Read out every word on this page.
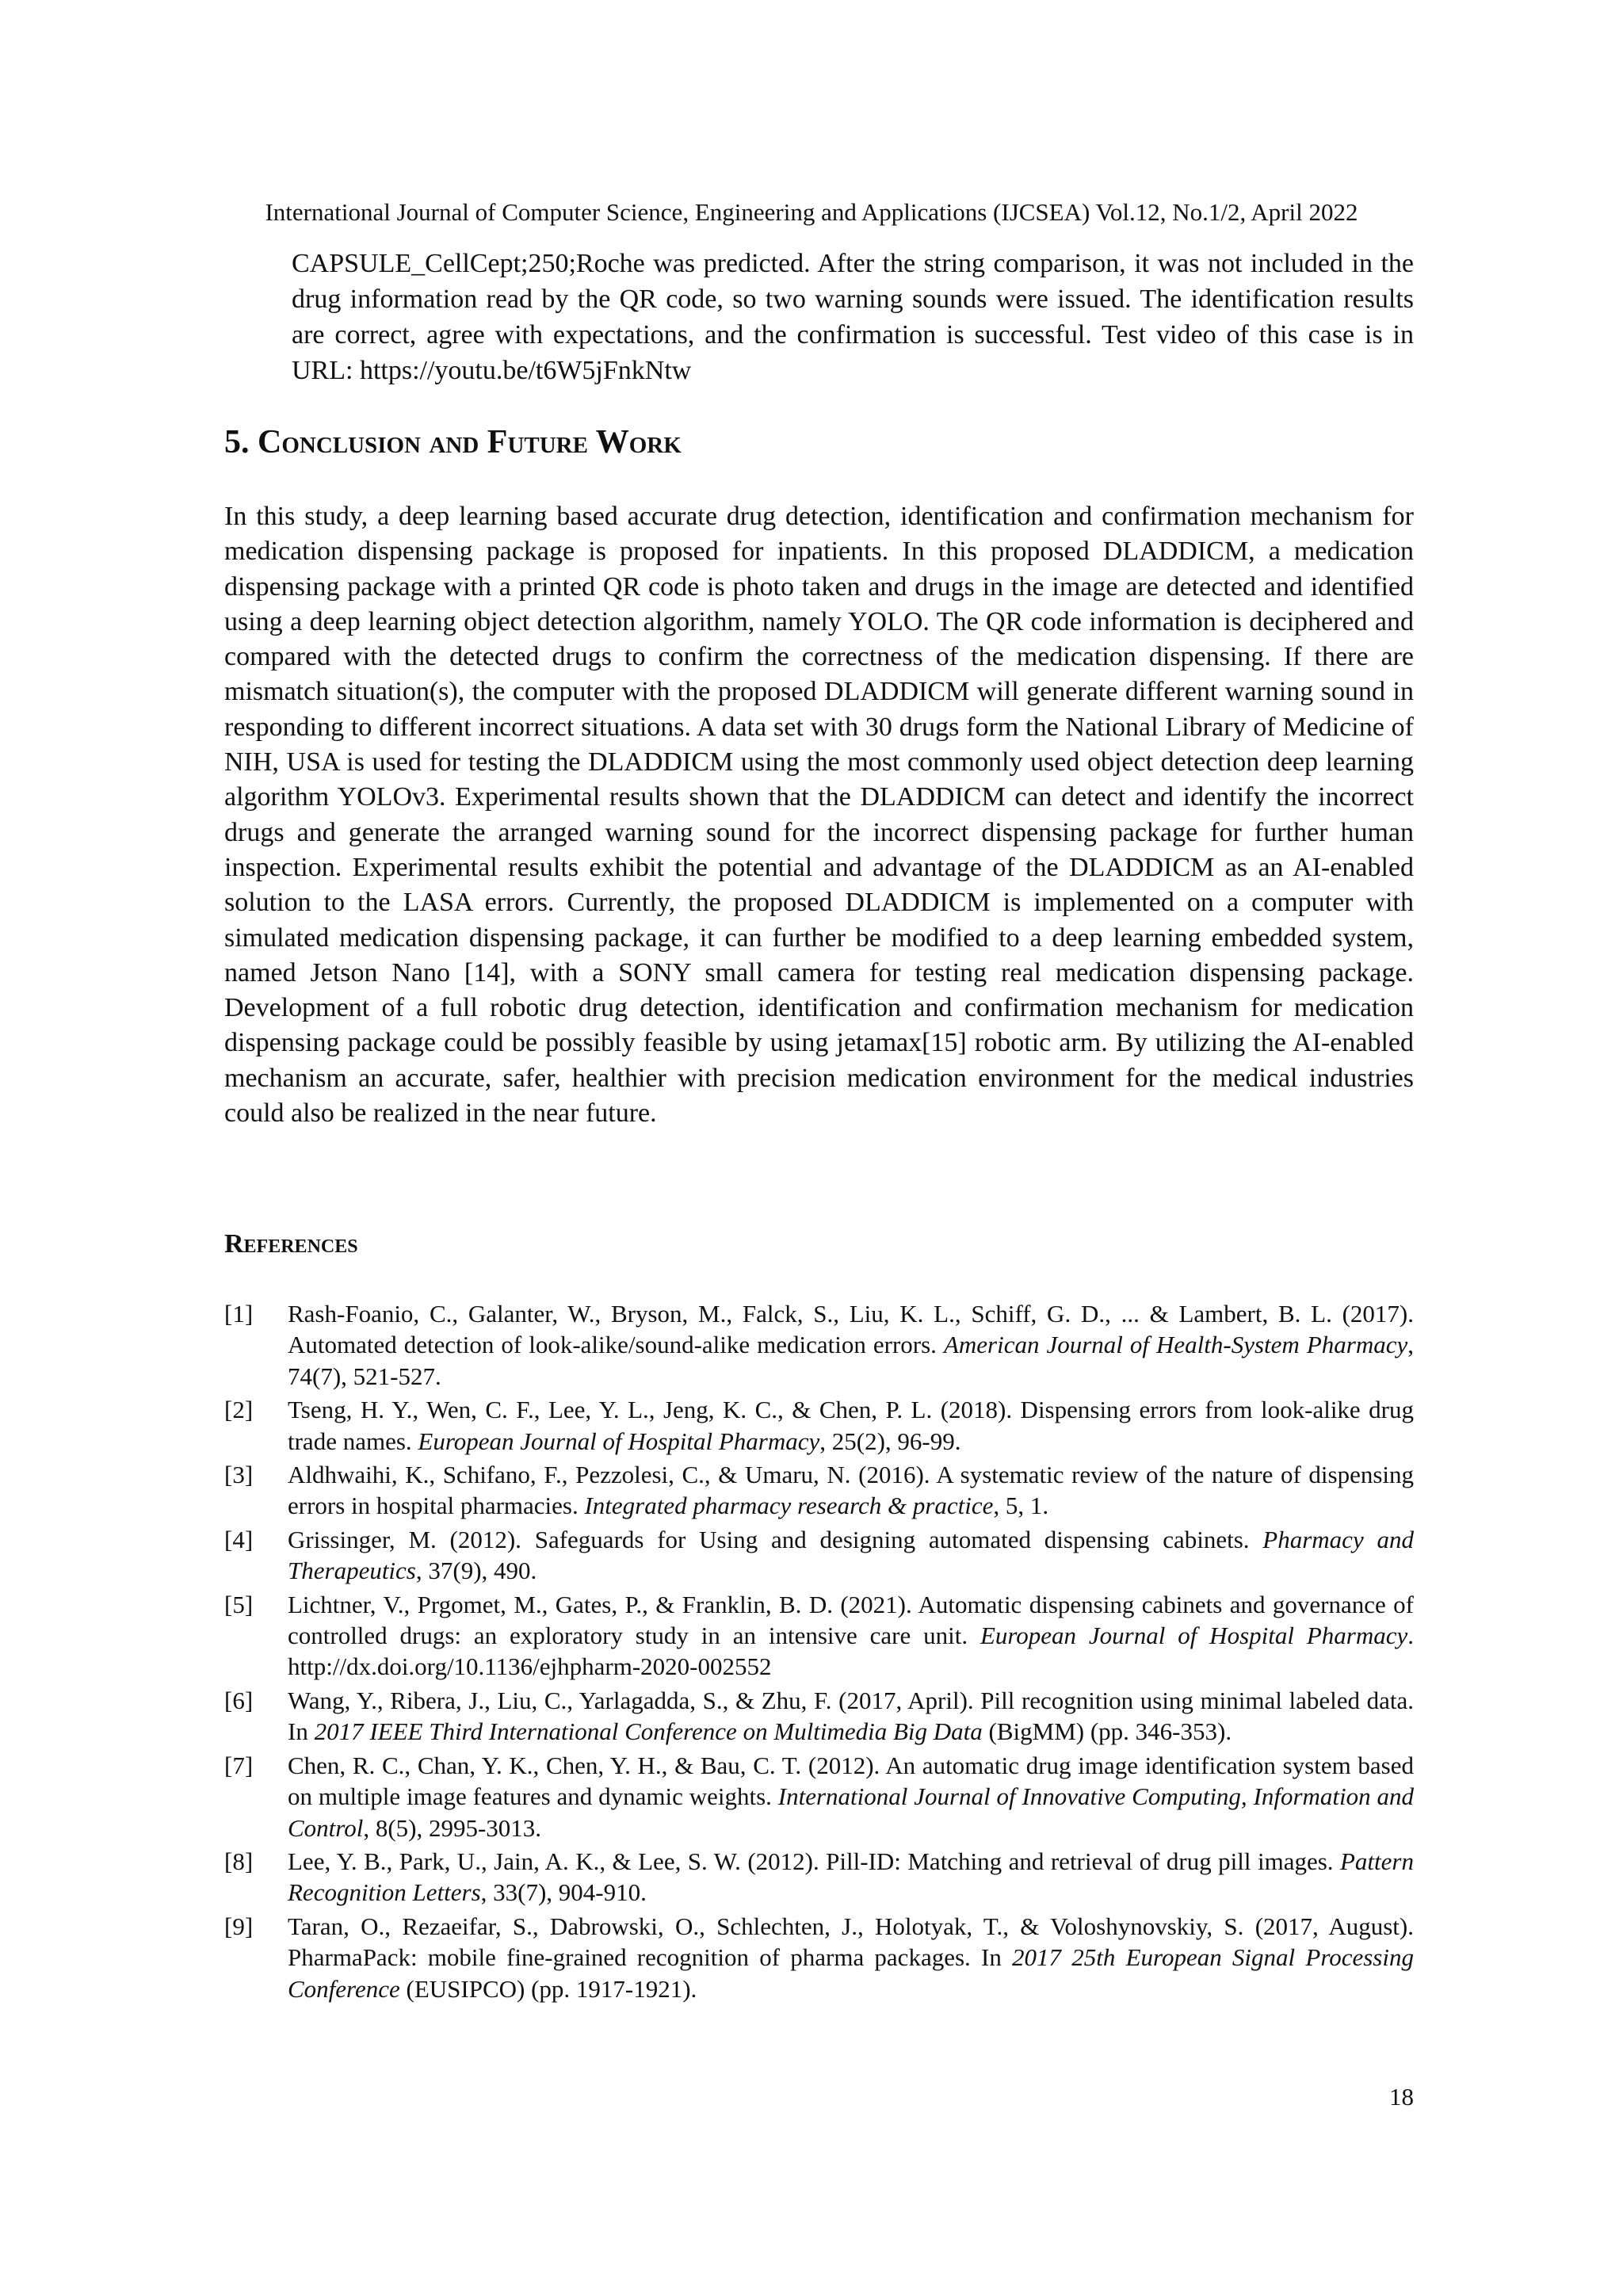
International Journal of Computer Science, Engineering and Applications (IJCSEA) Vol.12, No.1/2, April 2022

CAPSULE_CellCept;250;Roche was predicted. After the string comparison, it was not included in the drug information read by the QR code, so two warning sounds were issued. The identification results are correct, agree with expectations, and the confirmation is successful. Test video of this case is in URL: https://youtu.be/t6W5jFnkNtw

5. Conclusion and Future Work

In this study, a deep learning based accurate drug detection, identification and confirmation mechanism for medication dispensing package is proposed for inpatients. In this proposed DLADDICM, a medication dispensing package with a printed QR code is photo taken and drugs in the image are detected and identified using a deep learning object detection algorithm, namely YOLO. The QR code information is deciphered and compared with the detected drugs to confirm the correctness of the medication dispensing. If there are mismatch situation(s), the computer with the proposed DLADDICM will generate different warning sound in responding to different incorrect situations. A data set with 30 drugs form the National Library of Medicine of NIH, USA is used for testing the DLADDICM using the most commonly used object detection deep learning algorithm YOLOv3. Experimental results shown that the DLADDICM can detect and identify the incorrect drugs and generate the arranged warning sound for the incorrect dispensing package for further human inspection. Experimental results exhibit the potential and advantage of the DLADDICM as an AI-enabled solution to the LASA errors. Currently, the proposed DLADDICM is implemented on a computer with simulated medication dispensing package, it can further be modified to a deep learning embedded system, named Jetson Nano [14], with a SONY small camera for testing real medication dispensing package. Development of a full robotic drug detection, identification and confirmation mechanism for medication dispensing package could be possibly feasible by using jetamax[15] robotic arm. By utilizing the AI-enabled mechanism an accurate, safer, healthier with precision medication environment for the medical industries could also be realized in the near future.

References
[1] Rash-Foanio, C., Galanter, W., Bryson, M., Falck, S., Liu, K. L., Schiff, G. D., ... & Lambert, B. L. (2017). Automated detection of look-alike/sound-alike medication errors. American Journal of Health-System Pharmacy, 74(7), 521-527.
[2] Tseng, H. Y., Wen, C. F., Lee, Y. L., Jeng, K. C., & Chen, P. L. (2018). Dispensing errors from look-alike drug trade names. European Journal of Hospital Pharmacy, 25(2), 96-99.
[3] Aldhwaihi, K., Schifano, F., Pezzolesi, C., & Umaru, N. (2016). A systematic review of the nature of dispensing errors in hospital pharmacies. Integrated pharmacy research & practice, 5, 1.
[4] Grissinger, M. (2012). Safeguards for Using and designing automated dispensing cabinets. Pharmacy and Therapeutics, 37(9), 490.
[5] Lichtner, V., Prgomet, M., Gates, P., & Franklin, B. D. (2021). Automatic dispensing cabinets and governance of controlled drugs: an exploratory study in an intensive care unit. European Journal of Hospital Pharmacy. http://dx.doi.org/10.1136/ejhpharm-2020-002552
[6] Wang, Y., Ribera, J., Liu, C., Yarlagadda, S., & Zhu, F. (2017, April). Pill recognition using minimal labeled data. In 2017 IEEE Third International Conference on Multimedia Big Data (BigMM) (pp. 346-353).
[7] Chen, R. C., Chan, Y. K., Chen, Y. H., & Bau, C. T. (2012). An automatic drug image identification system based on multiple image features and dynamic weights. International Journal of Innovative Computing, Information and Control, 8(5), 2995-3013.
[8] Lee, Y. B., Park, U., Jain, A. K., & Lee, S. W. (2012). Pill-ID: Matching and retrieval of drug pill images. Pattern Recognition Letters, 33(7), 904-910.
[9] Taran, O., Rezaeifar, S., Dabrowski, O., Schlechten, J., Holotyak, T., & Voloshynovskiy, S. (2017, August). PharmaPack: mobile fine-grained recognition of pharma packages. In 2017 25th European Signal Processing Conference (EUSIPCO) (pp. 1917-1921).
18
